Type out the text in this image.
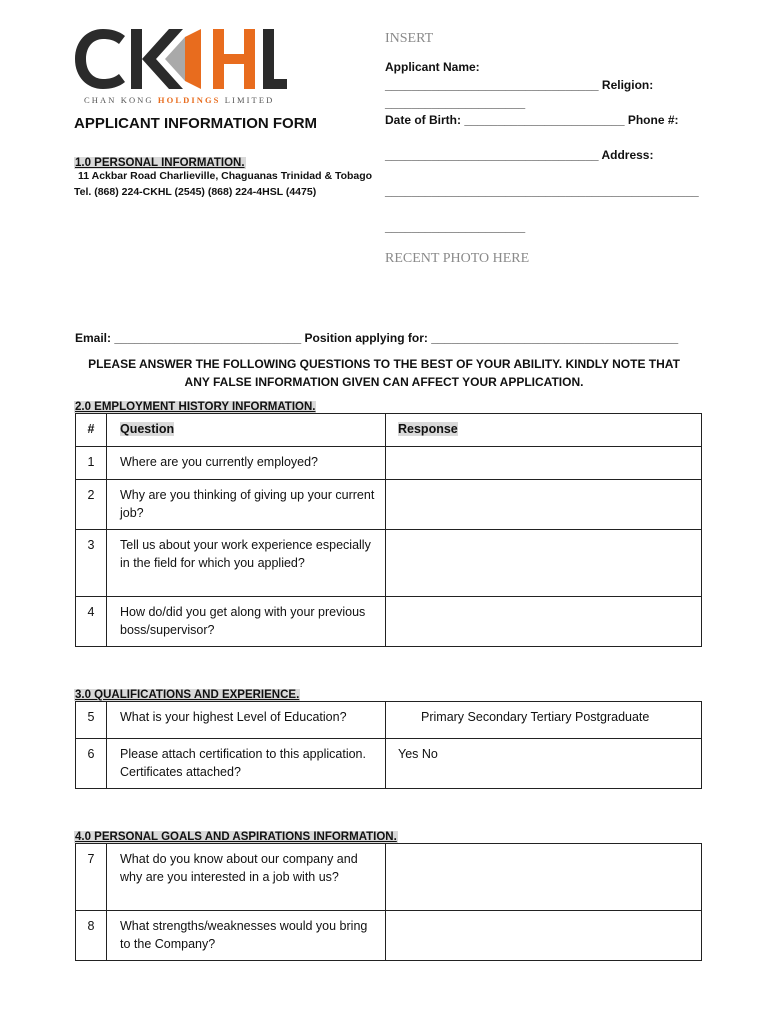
CHAN KONG HOLDINGS LIMITED
APPLICANT INFORMATION FORM
1.0 PERSONAL INFORMATION.
11 Ackbar Road Charlieville, Chaguanas Trinidad & Tobago
Tel. (868) 224-CKHL (2545) (868) 224-4HSL (4475)
INSERT
Applicant Name:
________________________________ Religion:
_____________________
Date of Birth: ________________________ Phone #:
________________________________ Address:
_______________________________________________
_____________________
RECENT PHOTO HERE
Email: ____________________________ Position applying for: _____________________________________
PLEASE ANSWER THE FOLLOWING QUESTIONS TO THE BEST OF YOUR ABILITY. KINDLY NOTE THAT
ANY FALSE INFORMATION GIVEN CAN AFFECT YOUR APPLICATION.
2.0 EMPLOYMENT HISTORY INFORMATION.
#	Question	Response

1	Where are you currently employed?	

2	Why are you thinking of giving up your current job?	

3	Tell us about your work experience especially in the field for which you applied?	

4	How do/did you get along with your previous boss/supervisor?	

3.0 QUALIFICATIONS AND EXPERIENCE.
5	What is your highest Level of Education?	Primary Secondary Tertiary Postgraduate

6	Please attach certification to this application. Certificates attached?	Yes No
4.0 PERSONAL GOALS AND ASPIRATIONS INFORMATION.
7	What do you know about our company and why are you interested in a job with us?	

8	What strengths/weaknesses would you bring to the Company?	
